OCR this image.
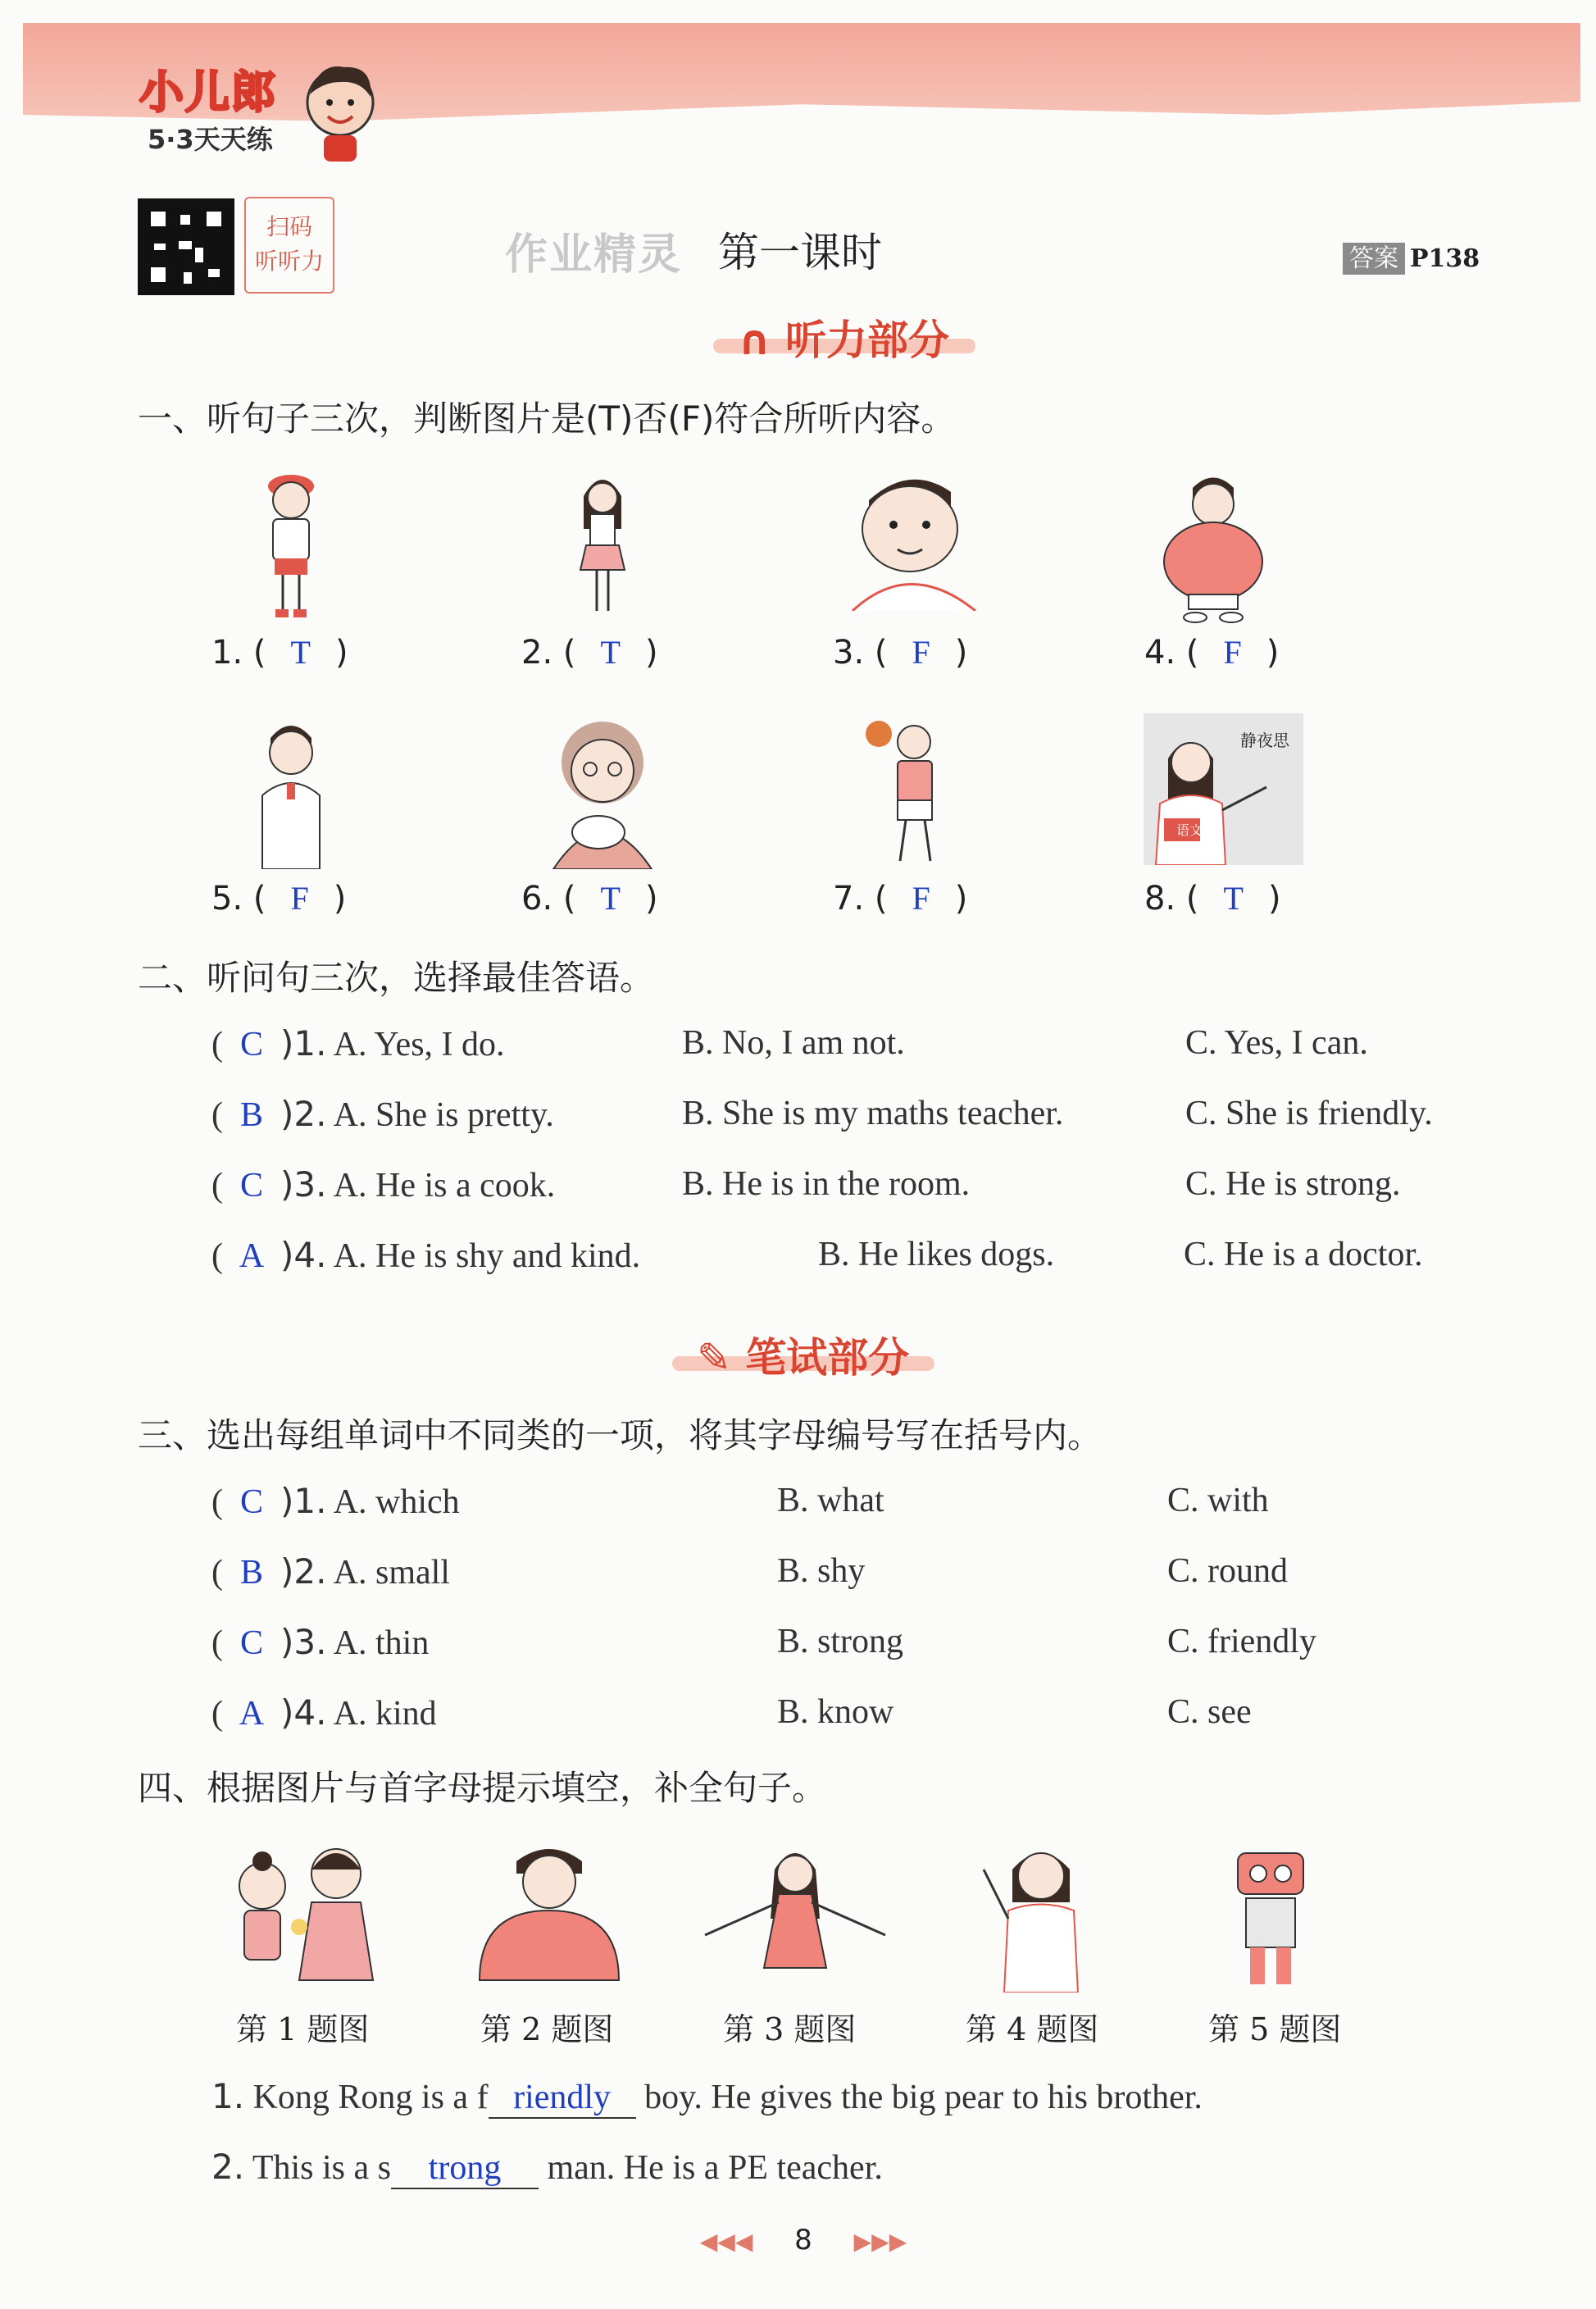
小儿郎
5·3天天练
扫码
听听力	作业精灵 第一课时	答案 P138
∩ 听力部分
一、听句子三次，判断图片是(T)否(F)符合所听内容。
1. ( T )	2. ( T )	3. ( F )	4. ( F )
语文
静夜思
5. ( F )	6. ( T )	7. ( F )	8. ( T )
二、听问句三次，选择最佳答语。
( C )1. A. Yes, I do.	B. No, I am not.	C. Yes, I can.
( B )2. A. She is pretty.	B. She is my maths teacher.	C. She is friendly.
( C )3. A. He is a cook.	B. He is in the room.	C. He is strong.
( A )4. A. He is shy and kind.	B. He likes dogs.	C. He is a doctor.
✎ 笔试部分
三、选出每组单词中不同类的一项，将其字母编号写在括号内。
( C )1. A. which	B. what	C. with
( B )2. A. small	B. shy	C. round
( C )3. A. thin	B. strong	C. friendly
( A )4. A. kind	B. know	C. see
四、根据图片与首字母提示填空，补全句子。
第 1 题图	第 2 题图	第 3 题图	第 4 题图	第 5 题图
1. Kong Rong is a f riendly boy. He gives the big pear to his brother.
2. This is a s trong man. He is a PE teacher.
◀◀◀ 8 ▶▶▶
